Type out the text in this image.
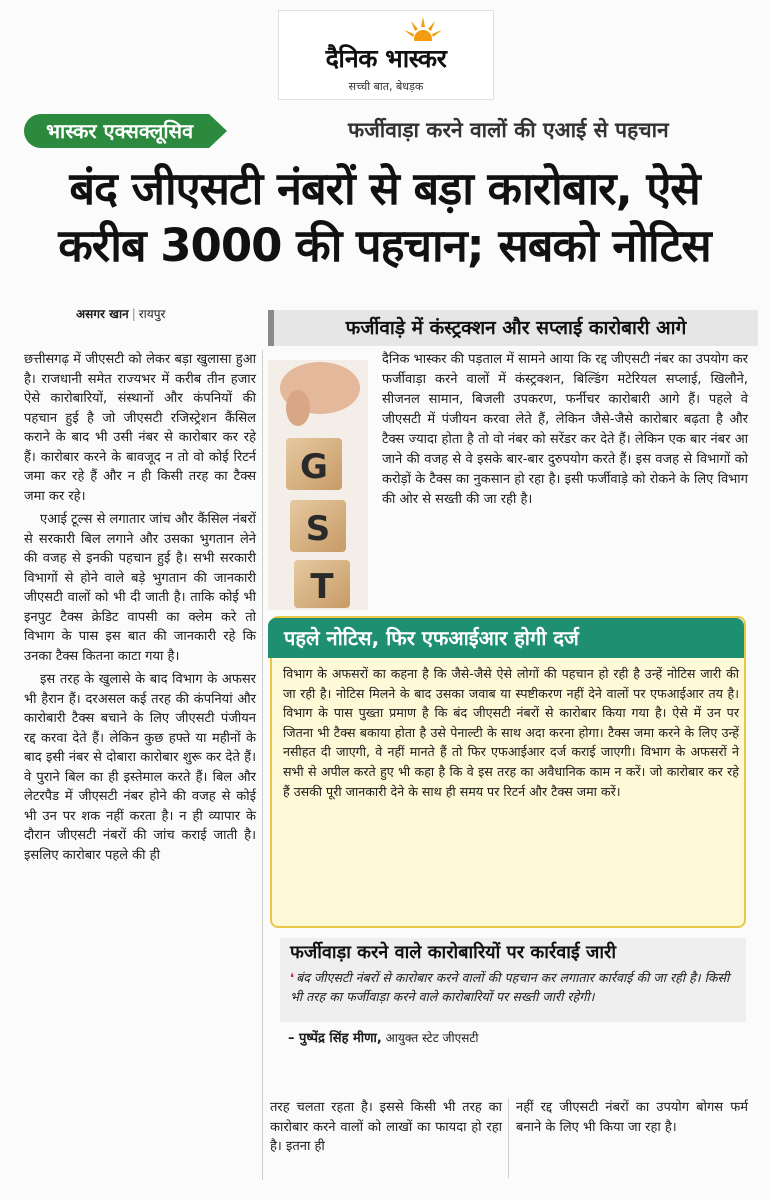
दैनिक भास्कर
सच्ची बात, बेधड़क
भास्कर एक्सक्लूसिव	फर्जीवाड़ा करने वालों की एआई से पहचान
बंद जीएसटी नंबरों से बड़ा कारोबार, ऐसे
करीब 3000 की पहचान; सबको नोटिस
असगर खान | रायपुर

छत्तीसगढ़ में जीएसटी को लेकर बड़ा खुलासा हुआ है। राजधानी समेत राज्यभर में करीब तीन हजार ऐसे कारोबारियों, संस्थानों और कंपनियों की पहचान हुई है जो जीएसटी रजिस्ट्रेशन कैंसिल कराने के बाद भी उसी नंबर से कारोबार कर रहे हैं। कारोबार करने के बावजूद न तो वो कोई रिटर्न जमा कर रहे हैं और न ही किसी तरह का टैक्स जमा कर रहे।

एआई टूल्स से लगातार जांच और कैंसिल नंबरों से सरकारी बिल लगाने और उसका भुगतान लेने की वजह से इनकी पहचान हुई है। सभी सरकारी विभागों से होने वाले बड़े भुगतान की जानकारी जीएसटी वालों को भी दी जाती है। ताकि कोई भी इनपुट टैक्स क्रेडिट वापसी का क्लेम करे तो विभाग के पास इस बात की जानकारी रहे कि उनका टैक्स कितना काटा गया है।

इस तरह के खुलासे के बाद विभाग के अफसर भी हैरान हैं। दरअसल कई तरह की कंपनियां और कारोबारी टैक्स बचाने के लिए जीएसटी पंजीयन रद्द करवा देते हैं। लेकिन कुछ हफ्ते या महीनों के बाद इसी नंबर से दोबारा कारोबार शुरू कर देते हैं। वे पुराने बिल का ही इस्तेमाल करते हैं। बिल और लेटरपैड में जीएसटी नंबर होने की वजह से कोई भी उन पर शक नहीं करता है। न ही व्यापार के दौरान जीएसटी नंबरों की जांच कराई जाती है। इसलिए कारोबार पहले की ही

फर्जीवाड़े में कंस्ट्रक्शन और सप्लाई कारोबारी आगे
G
S
T

दैनिक भास्कर की पड़ताल में सामने आया कि रद्द जीएसटी नंबर का उपयोग कर फर्जीवाड़ा करने वालों में कंस्ट्रक्शन, बिल्डिंग मटेरियल सप्लाई, खिलौने, सीजनल सामान, बिजली उपकरण, फर्नीचर कारोबारी आगे हैं। पहले वे जीएसटी में पंजीयन करवा लेते हैं, लेकिन जैसे-जैसे कारोबार बढ़ता है और टैक्स ज्यादा होता है तो वो नंबर को सरेंडर कर देते हैं। लेकिन एक बार नंबर आ जाने की वजह से वे इसके बार-बार दुरुपयोग करते हैं। इस वजह से विभागों को करोड़ों के टैक्स का नुकसान हो रहा है। इसी फर्जीवाड़े को रोकने के लिए विभाग की ओर से सख्ती की जा रही है।

पहले नोटिस, फिर एफआईआर होगी दर्ज

विभाग के अफसरों का कहना है कि जैसे-जैसे ऐसे लोगों की पहचान हो रही है उन्हें नोटिस जारी की जा रही है। नोटिस मिलने के बाद उसका जवाब या स्पष्टीकरण नहीं देने वालों पर एफआईआर तय है। विभाग के पास पुख्ता प्रमाण है कि बंद जीएसटी नंबरों से कारोबार किया गया है। ऐसे में उन पर जितना भी टैक्स बकाया होता है उसे पेनाल्टी के साथ अदा करना होगा। टैक्स जमा करने के लिए उन्हें नसीहत दी जाएगी, वे नहीं मानते हैं तो फिर एफआईआर दर्ज कराई जाएगी। विभाग के अफसरों ने सभी से अपील करते हुए भी कहा है कि वे इस तरह का अवैधानिक काम न करें। जो कारोबार कर रहे हैं उसकी पूरी जानकारी देने के साथ ही समय पर रिटर्न और टैक्स जमा करें।

फर्जीवाड़ा करने वाले कारोबारियों पर कार्रवाई जारी
❛ बंद जीएसटी नंबरों से कारोबार करने वालों की पहचान कर लगातार कार्रवाई की जा रही है। किसी भी तरह का फर्जीवाड़ा करने वाले कारोबारियों पर सख्ती जारी रहेगी।
– पुष्पेंद्र सिंह मीणा, आयुक्त स्टेट जीएसटी

तरह चलता रहता है। इससे किसी भी तरह का कारोबार करने वालों को लाखों का फायदा हो रहा है। इतना ही

नहीं रद्द जीएसटी नंबरों का उपयोग बोगस फर्म बनाने के लिए भी किया जा रहा है।
